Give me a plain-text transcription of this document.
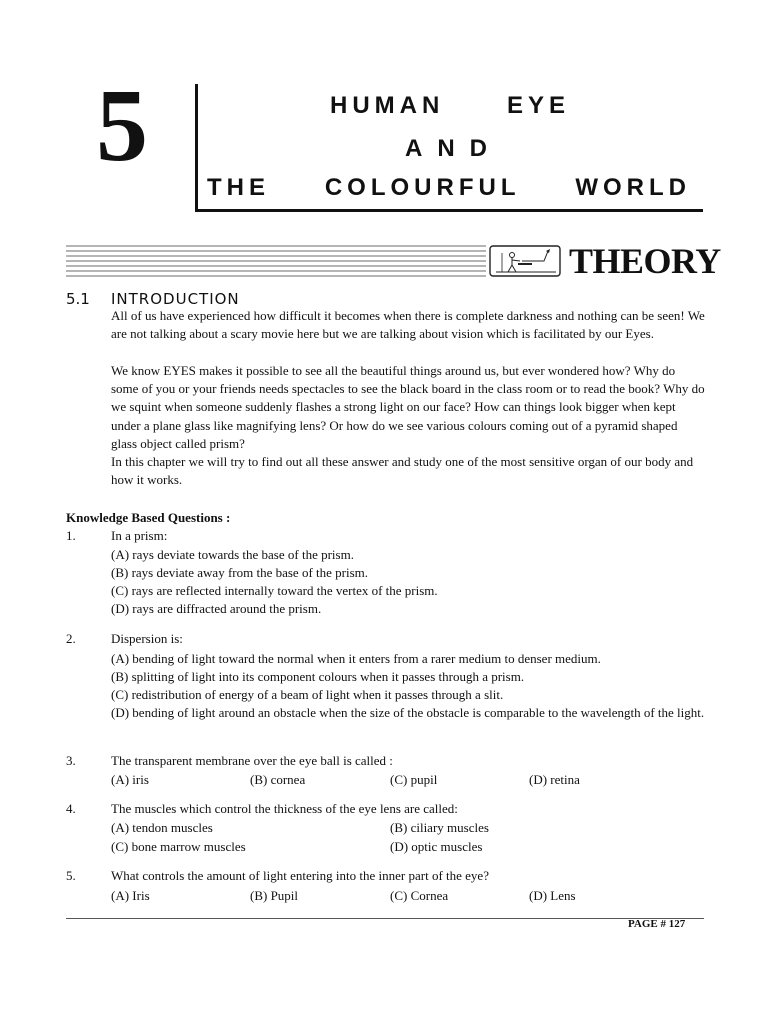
5	HUMAN	EYE
AND
THE COLOURFUL WORLD
THEORY
5.1 INTRODUCTION
All of us have experienced how difficult it becomes when there is complete darkness and nothing can be seen! We are not talking about a scary movie here but we are talking about vision which is facilitated by our Eyes.
We know EYES makes it possible to see all the beautiful things around us, but ever wondered how? Why do some of you or your friends needs spectacles to see the black board in the class room or to read the book? Why do we squint when someone suddenly flashes a strong light on our face? How can things look bigger when kept under a plane glass like magnifying lens? Or how do we see various colours coming out of a pyramid shaped glass object called prism?
In this chapter we will try to find out all these answer and study one of the most sensitive organ of our body and how it works.
Knowledge Based Questions :
1.	In a prism:
(A) rays deviate towards the base of the prism.
(B) rays deviate away from the base of the prism.
(C) rays are reflected internally toward the vertex of the prism.
(D) rays are diffracted around the prism.
2.	Dispersion is:
(A) bending of light toward the normal when it enters from a rarer medium to denser medium.
(B) splitting of light into its component colours when it passes through a prism.
(C) redistribution of energy of a beam of light when it passes through a slit.
(D) bending of light around an obstacle when the size of the obstacle is comparable to the wavelength of the light.
3.	The transparent membrane over the eye ball is called :
(A) iris	(B) cornea	(C) pupil	(D) retina
4.	The muscles which control the thickness of the eye lens are called:
(A) tendon muscles	(B) ciliary muscles
(C) bone marrow muscles	(D) optic muscles
5.	What controls the amount of light entering into the inner part of the eye?
(A) Iris	(B) Pupil	(C) Cornea	(D) Lens
PAGE # 127
